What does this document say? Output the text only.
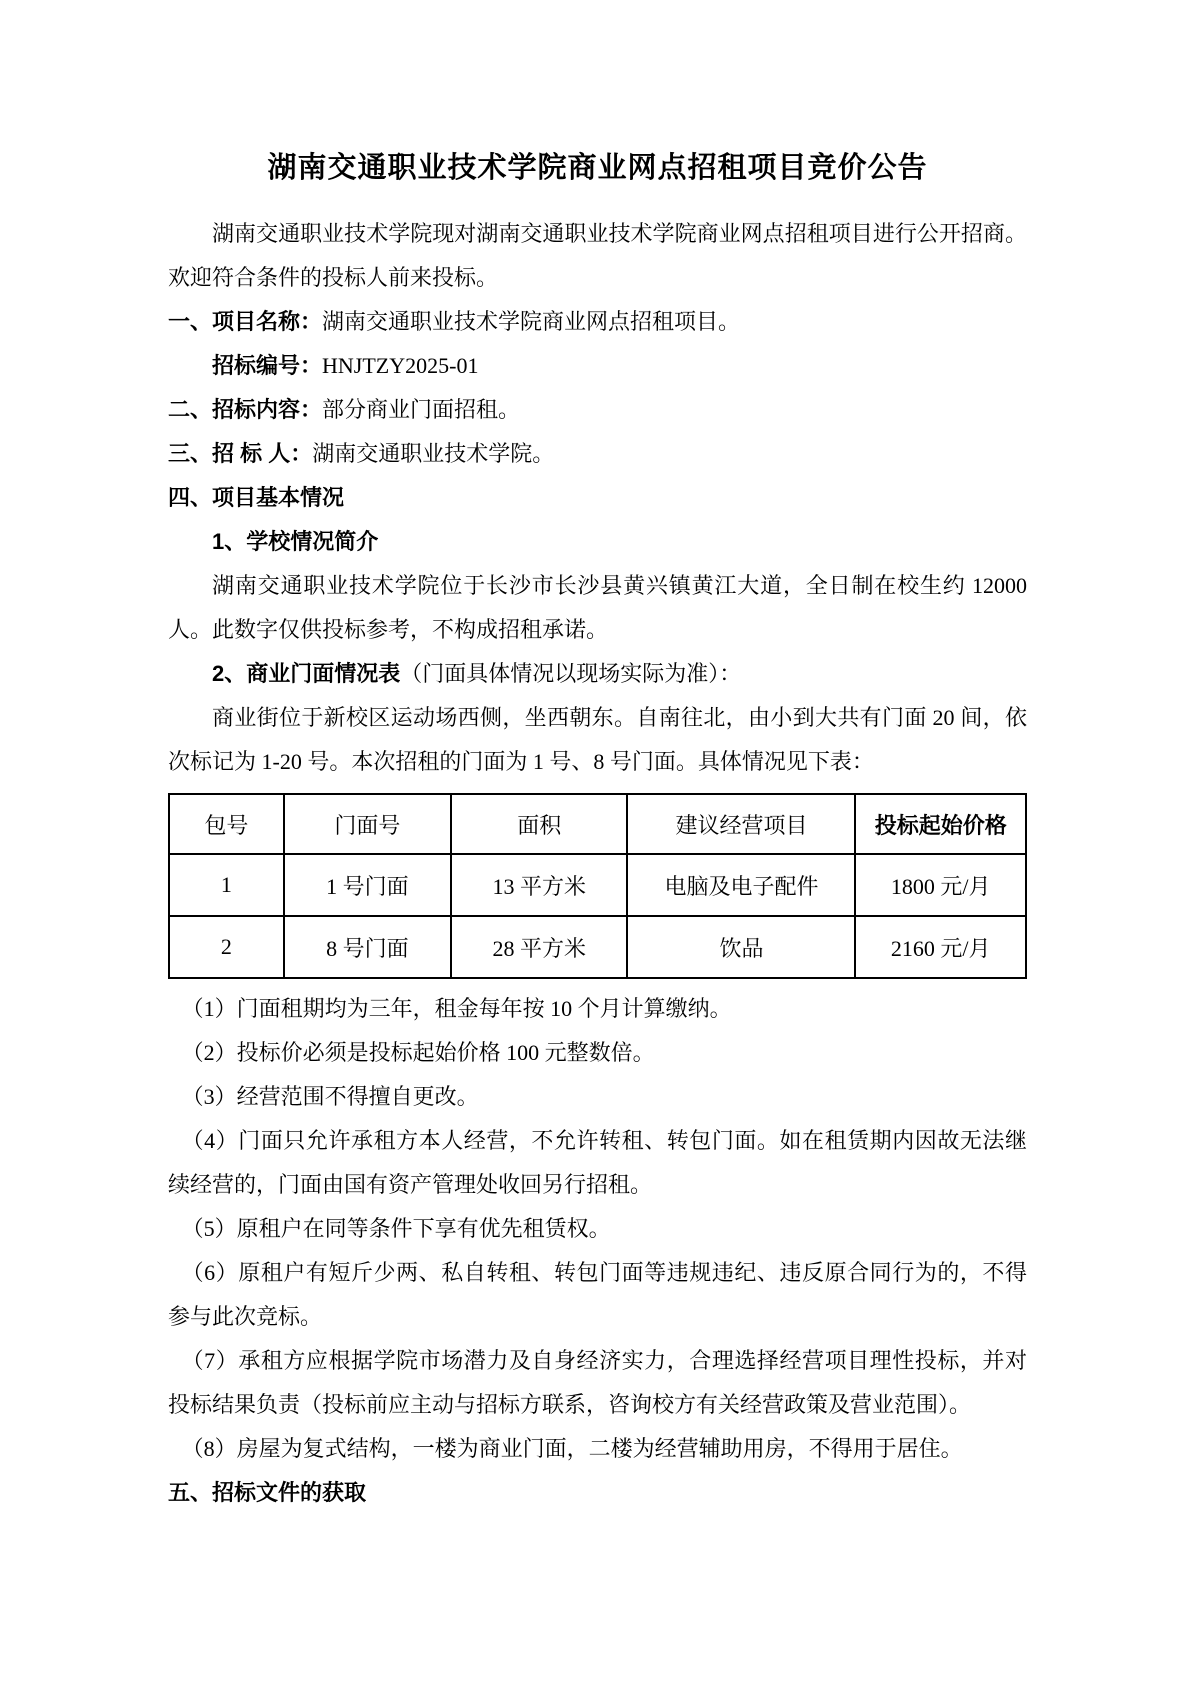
湖南交通职业技术学院商业网点招租项目竞价公告

湖南交通职业技术学院现对湖南交通职业技术学院商业网点招租项目进行公开招商。欢迎符合条件的投标人前来投标。

一、项目名称：湖南交通职业技术学院商业网点招租项目。

招标编号：HNJTZY2025-01

二、招标内容：部分商业门面招租。

三、招 标 人：湖南交通职业技术学院。

四、项目基本情况

1、学校情况简介

湖南交通职业技术学院位于长沙市长沙县黄兴镇黄江大道，全日制在校生约 12000 人。此数字仅供投标参考，不构成招租承诺。

2、商业门面情况表（门面具体情况以现场实际为准）：

商业街位于新校区运动场西侧，坐西朝东。自南往北，由小到大共有门面 20 间，依次标记为 1-20 号。本次招租的门面为 1 号、8 号门面。具体情况见下表：

包号	门面号	面积	建议经营项目	投标起始价格
1	1 号门面	13 平方米	电脑及电子配件	1800 元/月
2	8 号门面	28 平方米	饮品	2160 元/月

（1）门面租期均为三年，租金每年按 10 个月计算缴纳。

（2）投标价必须是投标起始价格 100 元整数倍。

（3）经营范围不得擅自更改。

（4）门面只允许承租方本人经营，不允许转租、转包门面。如在租赁期内因故无法继续经营的，门面由国有资产管理处收回另行招租。

（5）原租户在同等条件下享有优先租赁权。

（6）原租户有短斤少两、私自转租、转包门面等违规违纪、违反原合同行为的，不得参与此次竞标。

（7）承租方应根据学院市场潜力及自身经济实力，合理选择经营项目理性投标，并对投标结果负责（投标前应主动与招标方联系，咨询校方有关经营政策及营业范围）。

（8）房屋为复式结构，一楼为商业门面，二楼为经营辅助用房，不得用于居住。

五、招标文件的获取
